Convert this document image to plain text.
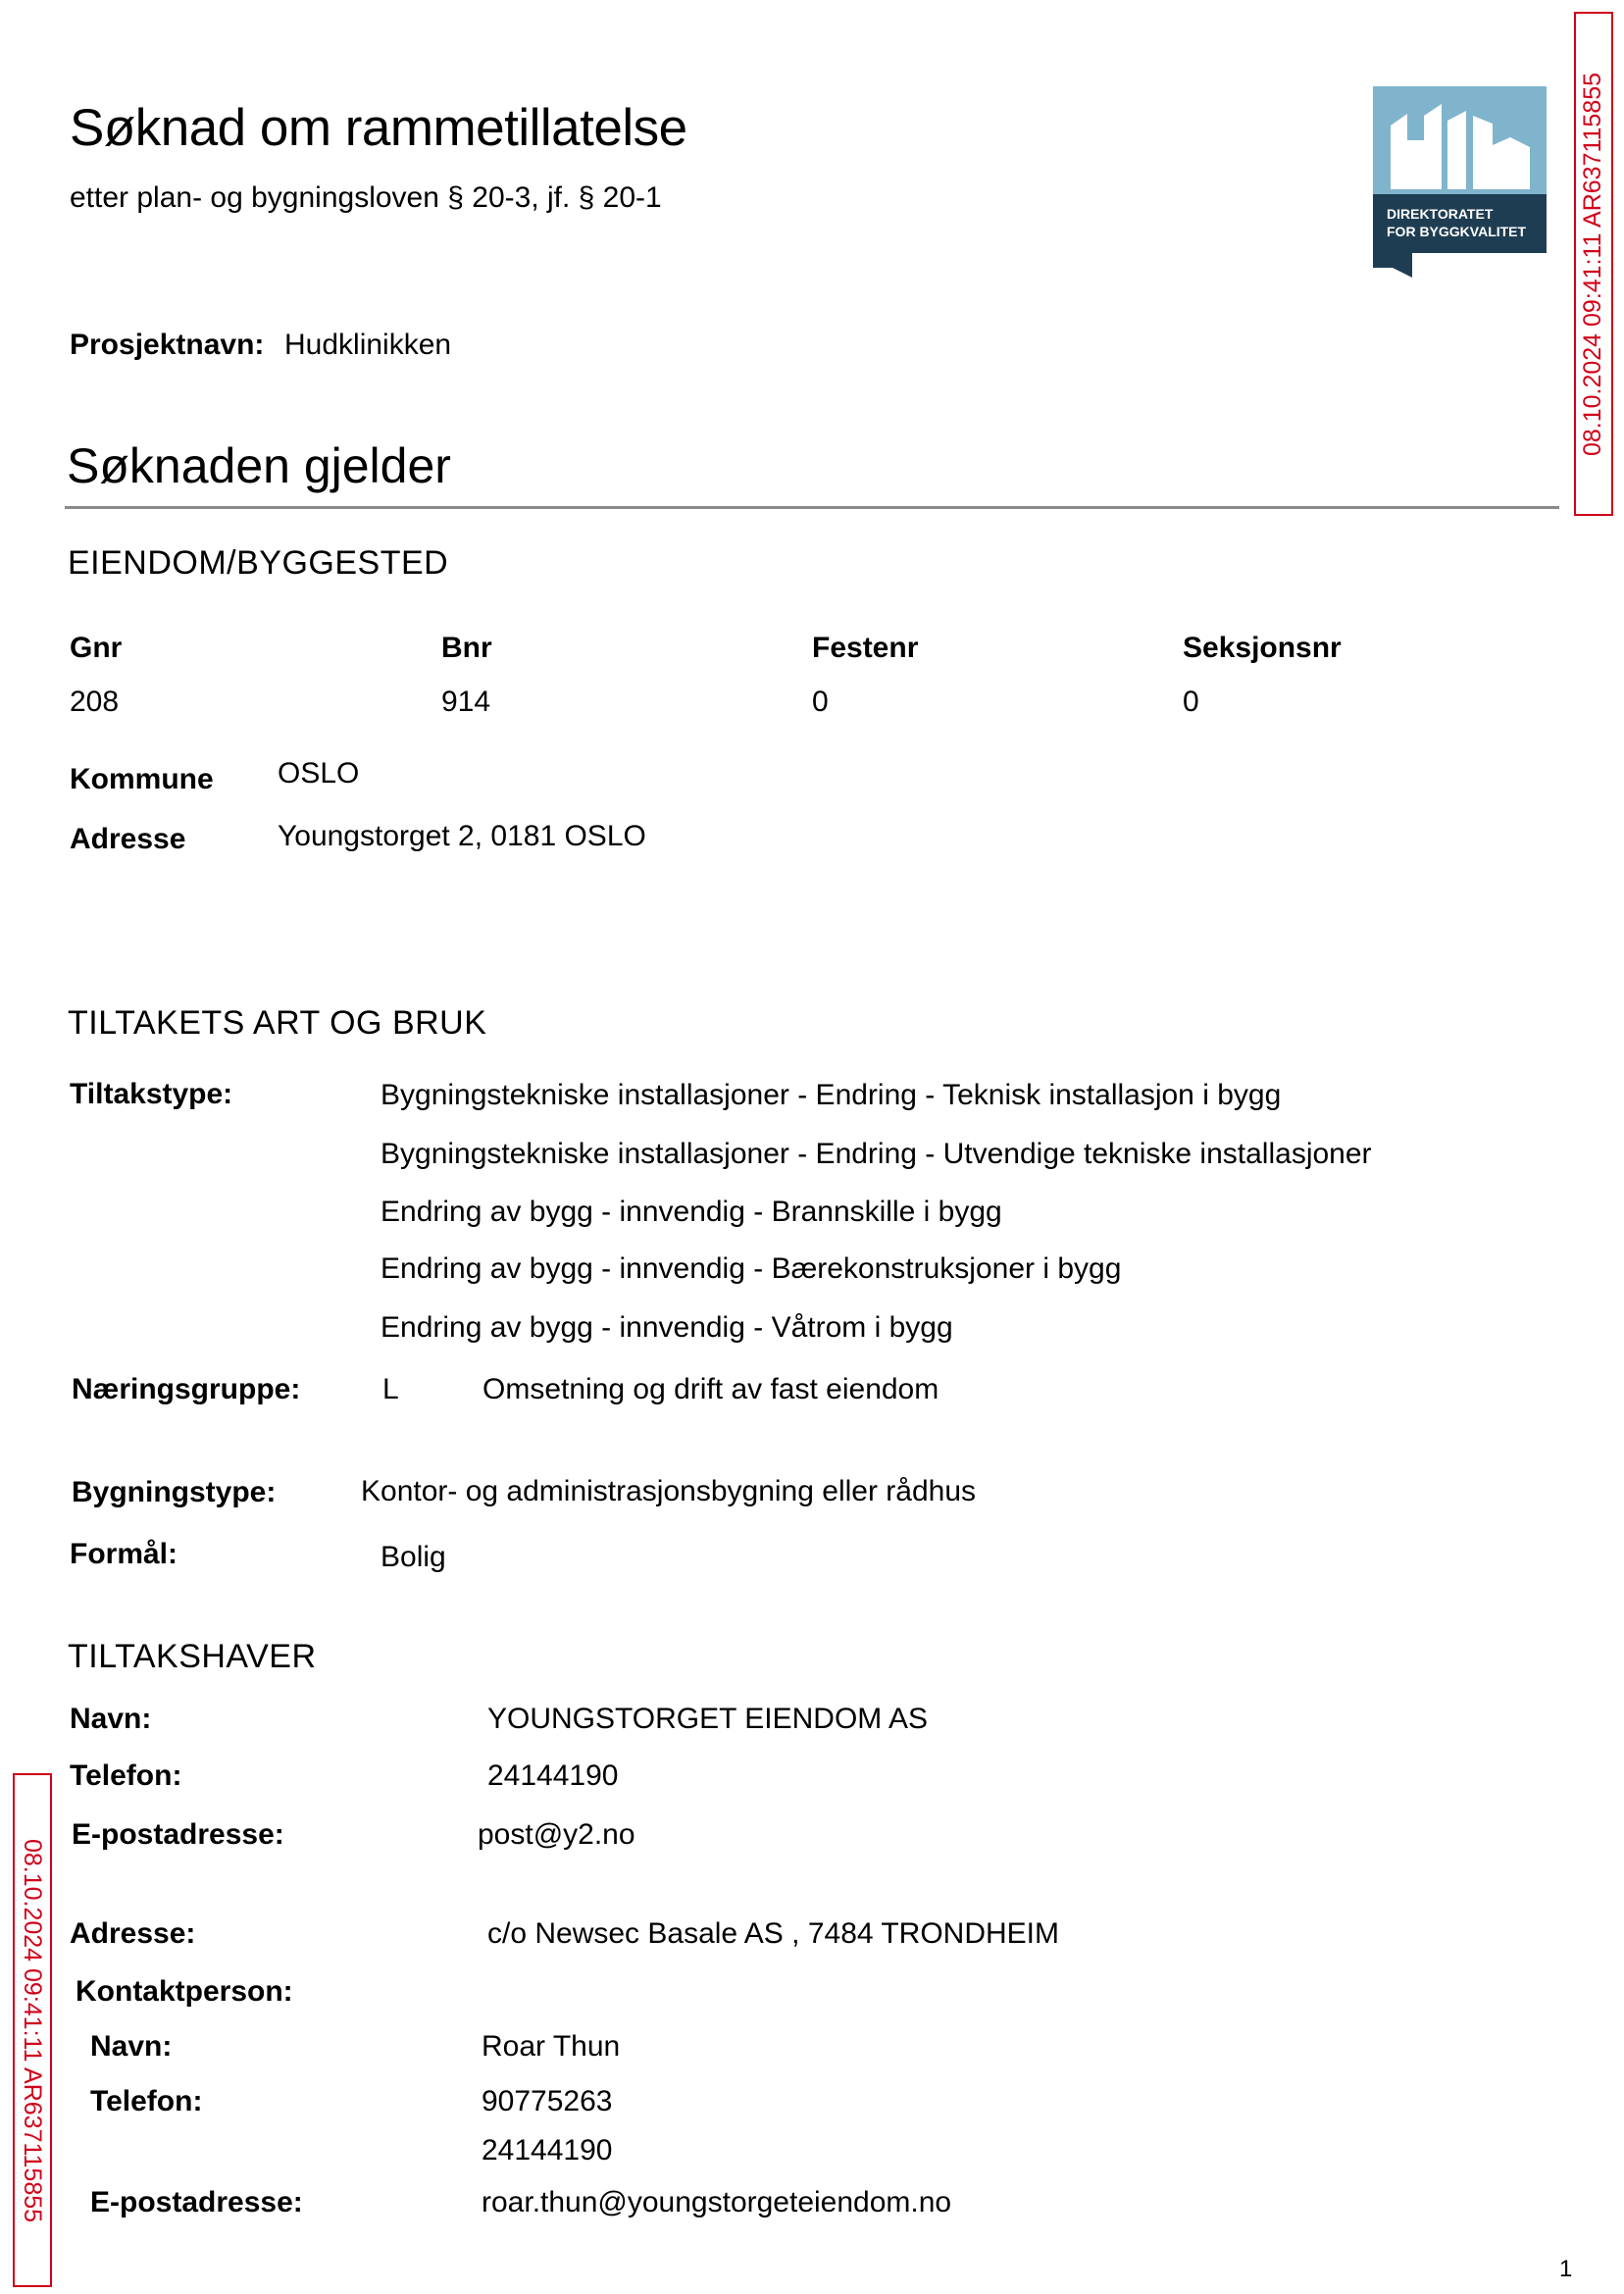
Søknad om rammetillatelse
etter plan- og bygningsloven § 20-3, jf. § 20-1	DIREKTORATET
FOR BYGGKVALITET 08.10.2024 09:41:11 AR637115855
08.10.2024 09:41:11 AR637115855
Prosjektnavn: Hudklinikken
Søknaden gjelder
EIENDOM/BYGGESTED
Gnr	Bnr	Festenr	Seksjonsnr
208	914	0	0
Kommune OSLO
Adresse	Youngstorget 2, 0181 OSLO
TILTAKETS ART OG BRUK
Tiltakstype:	Bygningstekniske installasjoner - Endring - Teknisk installasjon i bygg
Bygningstekniske installasjoner - Endring - Utvendige tekniske installasjoner
Endring av bygg - innvendig - Brannskille i bygg
Endring av bygg - innvendig - Bærekonstruksjoner i bygg
Endring av bygg - innvendig - Våtrom i bygg
Næringsgruppe:	L	Omsetning og drift av fast eiendom
Bygningstype:	Kontor- og administrasjonsbygning eller rådhus
Formål:	Bolig
TILTAKSHAVER
Navn:	YOUNGSTORGET EIENDOM AS
Telefon:	24144190
E-postadresse:	post@y2.no
Adresse:	c/o Newsec Basale AS , 7484 TRONDHEIM
Kontaktperson:
Navn:	Roar Thun
Telefon:	90775263
24144190
E-postadresse:	roar.thun@youngstorgeteiendom.no
1
